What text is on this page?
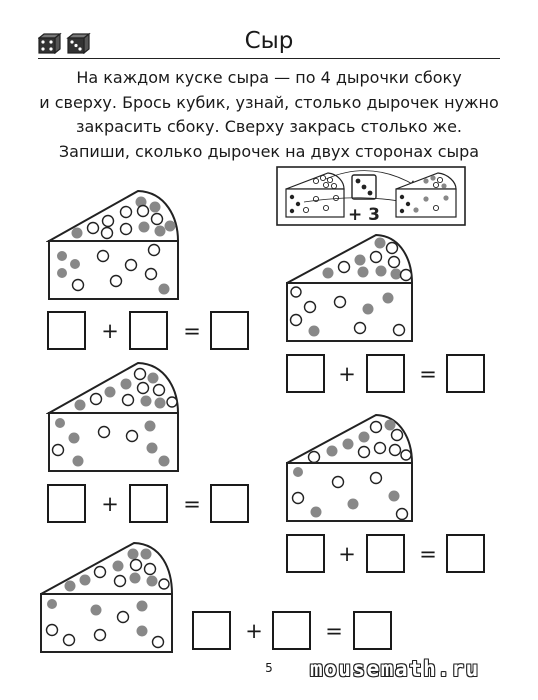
Сыр
На каждом куске сыра — по 4 дырочки сбоку
и сверху. Брось кубик, узнай, столько дырочек нужно
закрасить сбоку. Сверху закрась столько же.
Запиши, сколько дырочек на двух сторонах сыра
+ 3
+	=
+	=
+	=
+	=
+	=
5	mousemath.ru
